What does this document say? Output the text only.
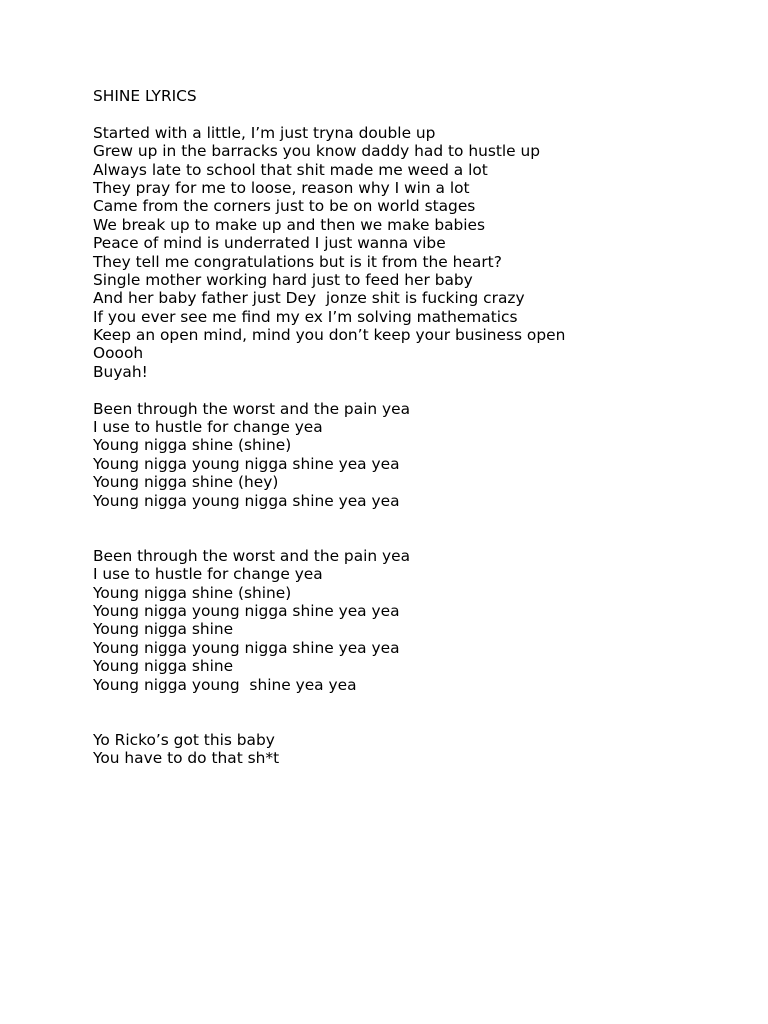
SHINE LYRICS
Started with a little, I’m just tryna double up
Grew up in the barracks you know daddy had to hustle up
Always late to school that shit made me weed a lot
They pray for me to loose, reason why I win a lot
Came from the corners just to be on world stages
We break up to make up and then we make babies
Peace of mind is underrated I just wanna vibe
They tell me congratulations but is it from the heart?
Single mother working hard just to feed her baby
And her baby father just Dey  jonze shit is fucking crazy
If you ever see me find my ex I’m solving mathematics
Keep an open mind, mind you don’t keep your business open
Ooooh
Buyah!
Been through the worst and the pain yea
I use to hustle for change yea
Young nigga shine (shine)
Young nigga young nigga shine yea yea
Young nigga shine (hey)
Young nigga young nigga shine yea yea
Been through the worst and the pain yea
I use to hustle for change yea
Young nigga shine (shine)
Young nigga young nigga shine yea yea
Young nigga shine
Young nigga young nigga shine yea yea
Young nigga shine
Young nigga young  shine yea yea
Yo Ricko’s got this baby
You have to do that sh*t
